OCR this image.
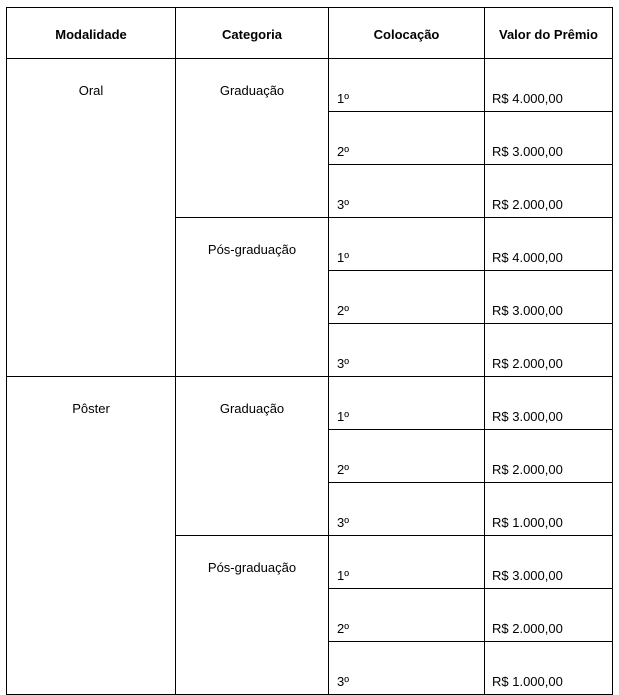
Modalidade	Categoria	Colocação	Valor do Prêmio
Oral	Graduação	1º	R$ 4.000,00
		2º	R$ 3.000,00
		3º	R$ 2.000,00
	Pós-graduação	1º	R$ 4.000,00
		2º	R$ 3.000,00
		3º	R$ 2.000,00
Pôster	Graduação	1º	R$ 3.000,00
		2º	R$ 2.000,00
		3º	R$ 1.000,00
	Pós-graduação	1º	R$ 3.000,00
		2º	R$ 2.000,00
		3º	R$ 1.000,00
